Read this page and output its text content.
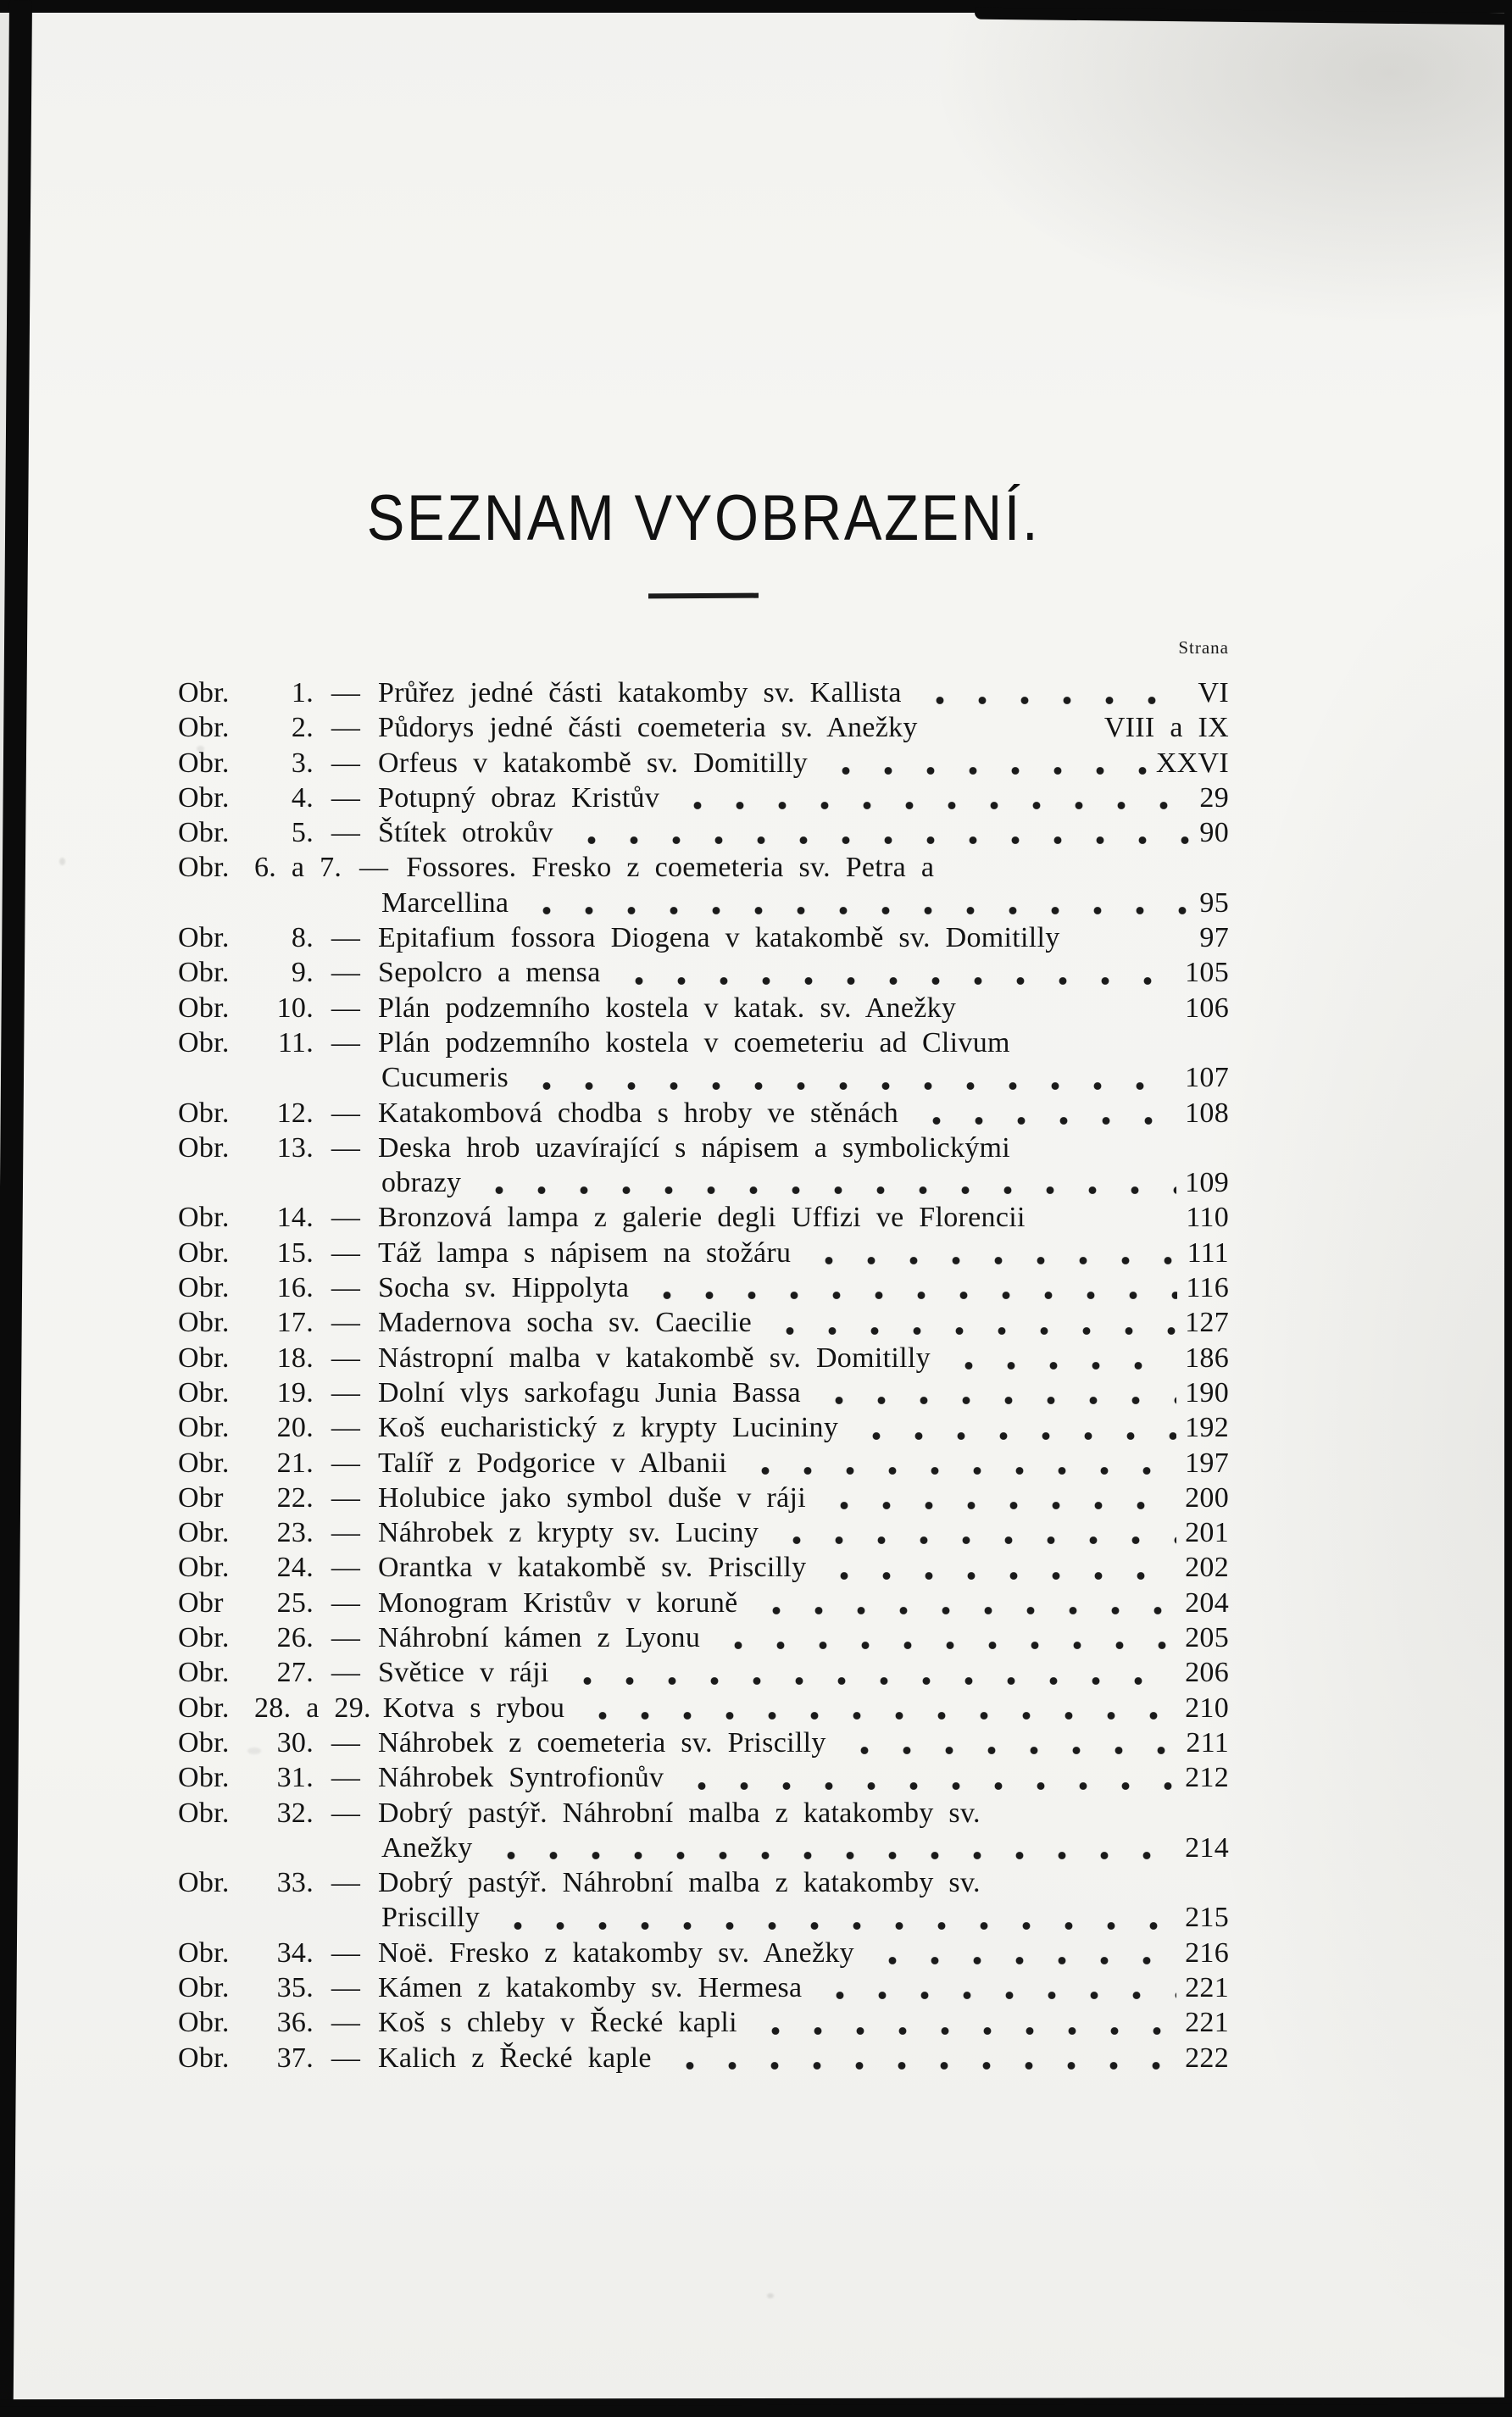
SEZNAM VYOBRAZENÍ.
Strana
Obr.	1. — Průřez jedné části katakomby sv. Kallista	VI
Obr.	2. — Půdorys jedné části coemeteria sv. Anežky	VIII a IX
Obr.	3. — Orfeus v katakombě sv. Domitilly	XXVI
Obr.	4. — Potupný obraz Kristův	29
Obr.	5. — Štítek otrokův	90
Obr. 6. a 7. — Fossores. Fresko z coemeteria sv. Petra a
Marcellina	95
Obr.	8. — Epitafium fossora Diogena v katakombě sv. Domitilly	97
Obr.	9. — Sepolcro a mensa	105
Obr.	10. — Plán podzemního kostela v katak. sv. Anežky	106
Obr.	11. — Plán podzemního kostela v coemeteriu ad Clivum
Cucumeris	107
Obr.	12. — Katakombová chodba s hroby ve stěnách	108
Obr.	13. — Deska hrob uzavírající s nápisem a symbolickými
obrazy	109
Obr.	14. — Bronzová lampa z galerie degli Uffizi ve Florencii	110
Obr.	15. — Táž lampa s nápisem na stožáru	111
Obr.	16. — Socha sv. Hippolyta	116
Obr.	17. — Madernova socha sv. Caecilie	127
Obr.	18. — Nástropní malba v katakombě sv. Domitilly	186
Obr.	19. — Dolní vlys sarkofagu Junia Bassa	190
Obr.	20. — Koš eucharistický z krypty Lucininy	192
Obr.	21. — Talíř z Podgorice v Albanii	197
Obr	22. — Holubice jako symbol duše v ráji	200
Obr.	23. — Náhrobek z krypty sv. Luciny	201
Obr.	24. — Orantka v katakombě sv. Priscilly	202
Obr	25. — Monogram Kristův v koruně	204
Obr.	26. — Náhrobní kámen z Lyonu	205
Obr.	27. — Světice v ráji	206
Obr. 28. a 29. Kotva s rybou	210
Obr.	30. — Náhrobek z coemeteria sv. Priscilly	211
Obr.	31. — Náhrobek Syntrofionův	212
Obr.	32. — Dobrý pastýř. Náhrobní malba z katakomby sv.
Anežky	214
Obr.	33. — Dobrý pastýř. Náhrobní malba z katakomby sv.
Priscilly	215
Obr.	34. — Noë. Fresko z katakomby sv. Anežky	216
Obr.	35. — Kámen z katakomby sv. Hermesa	221
Obr.	36. — Koš s chleby v Řecké kapli	221
Obr.	37. — Kalich z Řecké kaple	222
